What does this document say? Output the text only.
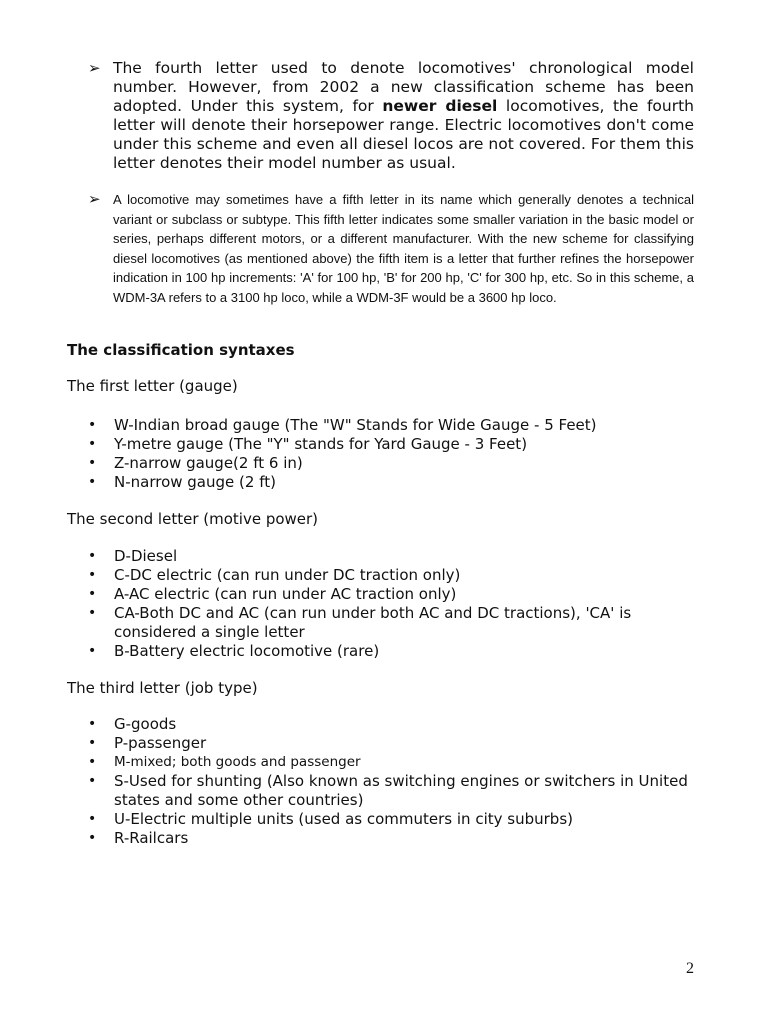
➢ The fourth letter used to denote locomotives' chronological model number. However, from 2002 a new classification scheme has been adopted. Under this system, for newer diesel locomotives, the fourth letter will denote their horsepower range. Electric locomotives don't come under this scheme and even all diesel locos are not covered. For them this letter denotes their model number as usual.
➢ A locomotive may sometimes have a fifth letter in its name which generally denotes a technical variant or subclass or subtype. This fifth letter indicates some smaller variation in the basic model or series, perhaps different motors, or a different manufacturer. With the new scheme for classifying diesel locomotives (as mentioned above) the fifth item is a letter that further refines the horsepower indication in 100 hp increments: 'A' for 100 hp, 'B' for 200 hp, 'C' for 300 hp, etc. So in this scheme, a WDM-3A refers to a 3100 hp loco, while a WDM-3F would be a 3600 hp loco.
The classification syntaxes

The first letter (gauge)

• W-Indian broad gauge (The "W" Stands for Wide Gauge - 5 Feet)
• Y-metre gauge (The "Y" stands for Yard Gauge - 3 Feet)
• Z-narrow gauge(2 ft 6 in)
• N-narrow gauge (2 ft)

The second letter (motive power)

• D-Diesel
• C-DC electric (can run under DC traction only)
• A-AC electric (can run under AC traction only)
• CA-Both DC and AC (can run under both AC and DC tractions), 'CA' is considered a single letter
• B-Battery electric locomotive (rare)

The third letter (job type)

• G-goods
• P-passenger
• M-mixed; both goods and passenger
• S-Used for shunting (Also known as switching engines or switchers in United states and some other countries)
• U-Electric multiple units (used as commuters in city suburbs)
• R-Railcars
2
